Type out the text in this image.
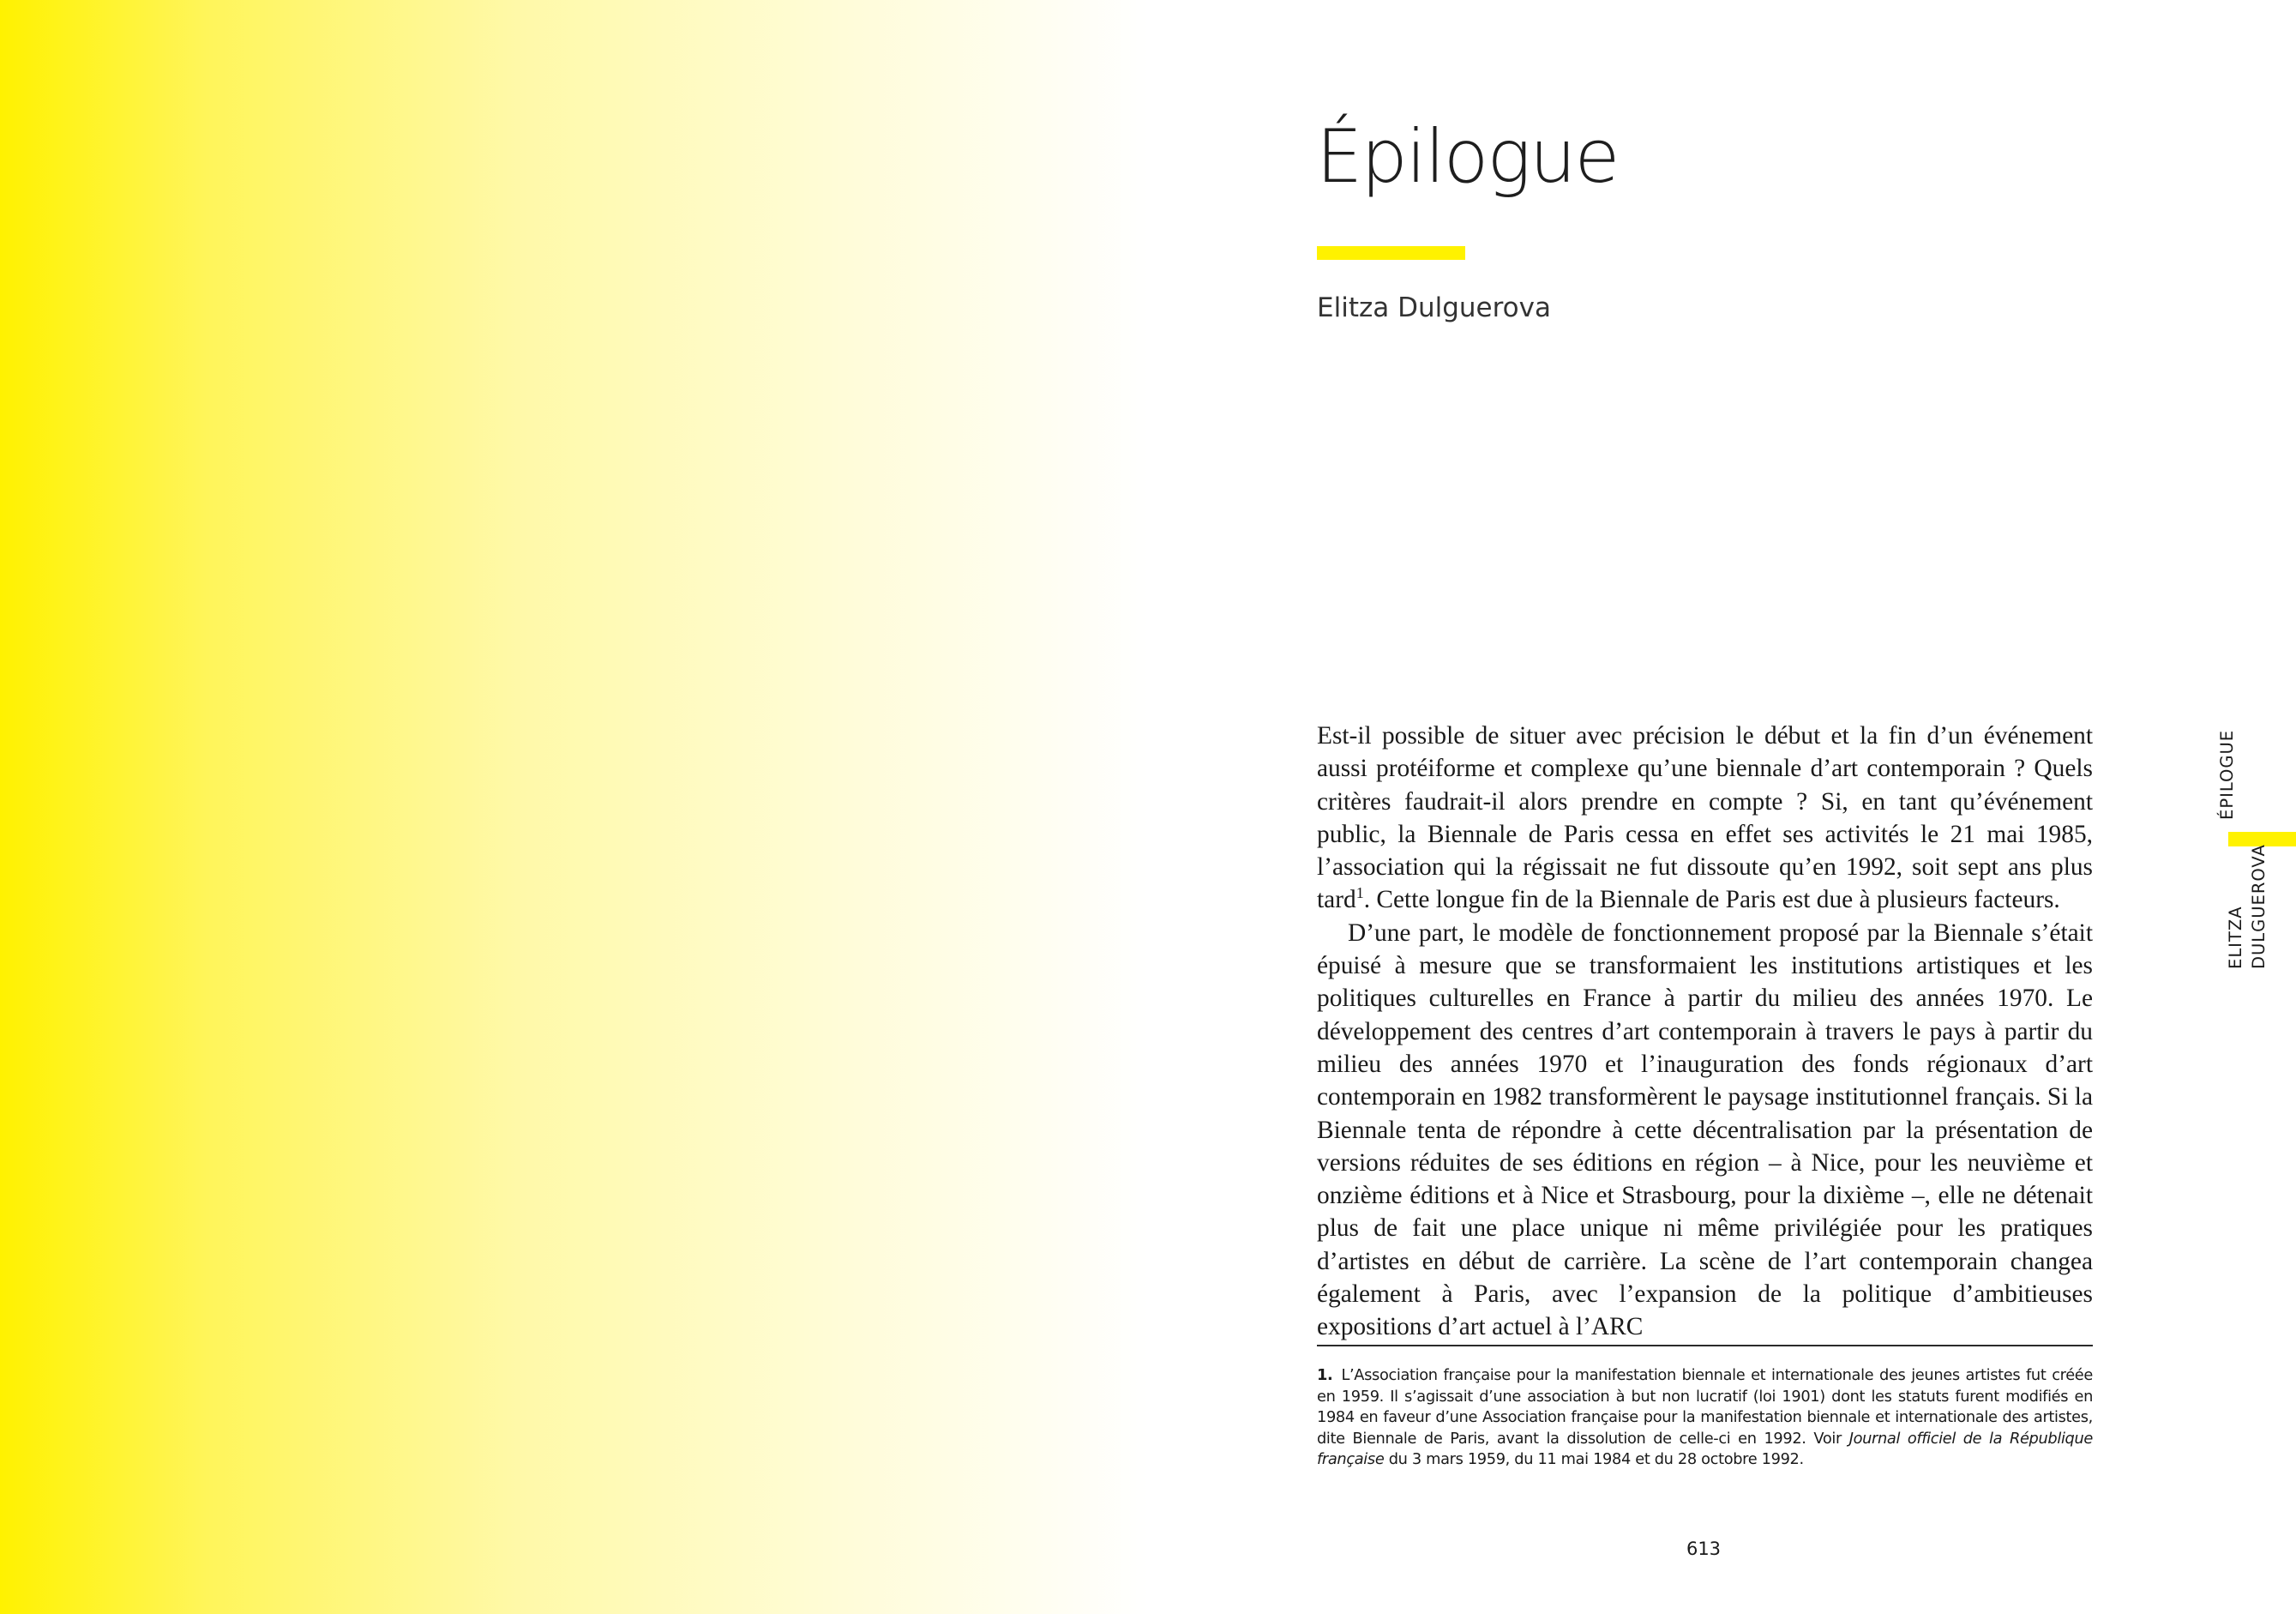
Épilogue
Elitza Dulguerova

Est-il possible de situer avec précision le début et la fin d’un événement aussi protéiforme et complexe qu’une biennale d’art contemporain ? Quels critères faudrait-il alors prendre en compte ? Si, en tant qu’événement public, la Biennale de Paris cessa en effet ses activités le 21 mai 1985, l’association qui la régissait ne fut dissoute qu’en 1992, soit sept ans plus tard$^1$. Cette longue fin de la Biennale de Paris est due à plusieurs facteurs.

D’une part, le modèle de fonctionnement proposé par la Biennale s’était épuisé à mesure que se transformaient les institutions artistiques et les politiques culturelles en France à partir du milieu des années 1970. Le développement des centres d’art contemporain à travers le pays à partir du milieu des années 1970 et l’inauguration des fonds régionaux d’art contemporain en 1982 transformèrent le paysage institutionnel français. Si la Biennale tenta de répondre à cette décentralisation par la présentation de versions réduites de ses éditions en région – à Nice, pour les neuvième et onzième éditions et à Nice et Strasbourg, pour la dixième –, elle ne détenait plus de fait une place unique ni même privilégiée pour les pratiques d’artistes en début de carrière. La scène de l’art contemporain changea également à Paris, avec l’expansion de la politique d’ambitieuses expositions d’art actuel à l’ARC

1. L’Association française pour la manifestation biennale et internationale des jeunes artistes fut créée en 1959. Il s’agissait d’une association à but non lucratif (loi 1901) dont les statuts furent modifiés en 1984 en faveur d’une Association française pour la manifestation biennale et internationale des artistes, dite Biennale de Paris, avant la dissolution de celle-ci en 1992. Voir Journal officiel de la République française du 3 mars 1959, du 11 mai 1984 et du 28 octobre 1992.
613
ÉPILOGUE
ELITZA DULGUEROVA
